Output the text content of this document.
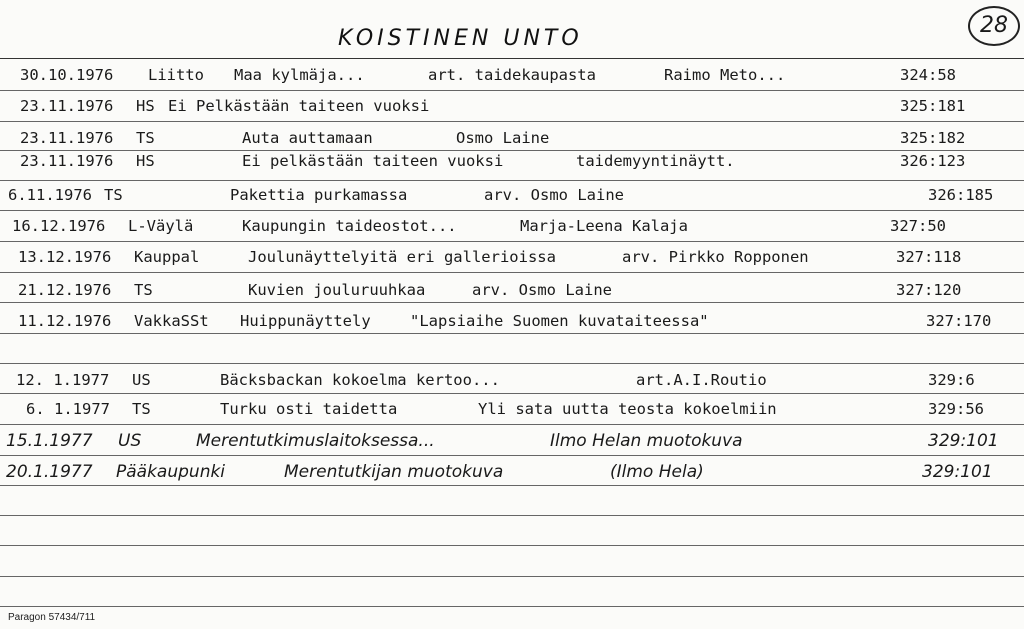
28
KOISTINEN UNTO
30.10.1976 Liitto Maa kylmäja...	art. taidekaupasta	Raimo Meto...	324:58
23.11.1976 HS Ei Pelkästään taiteen vuoksi	325:181
23.11.1976 TS	Auta auttamaan	Osmo Laine	325:182
23.11.1976 HS	Ei pelkästään taiteen vuoksi	taidemyyntinäytt.	326:123
6.11.1976 TS	Pakettia purkamassa	arv. Osmo Laine	326:185
16.12.1976 L-Väylä	Kaupungin taideostot...	Marja-Leena Kalaja	327:50
13.12.1976 Kauppal	Joulunäyttelyitä eri gallerioissa	arv. Pirkko Ropponen	327:118
21.12.1976 TS	Kuvien jouluruuhkaa	arv. Osmo Laine	327:120
11.12.1976 VakkaSSt Huippunäyttely	"Lapsiaihe Suomen kuvataiteessa"	327:170
12. 1.1977 US	Bäcksbackan kokoelma kertoo...	art.A.I.Routio	329:6
6. 1.1977 TS	Turku osti taidetta	Yli sata uutta teosta kokoelmiin	329:56
15.1.1977 US	Merentutkimuslaitoksessa...	Ilmo Helan muotokuva	329:101
20.1.1977 Pääkaupunki	Merentutkijan muotokuva	(Ilmo Hela)	329:101
Paragon 57434/711
